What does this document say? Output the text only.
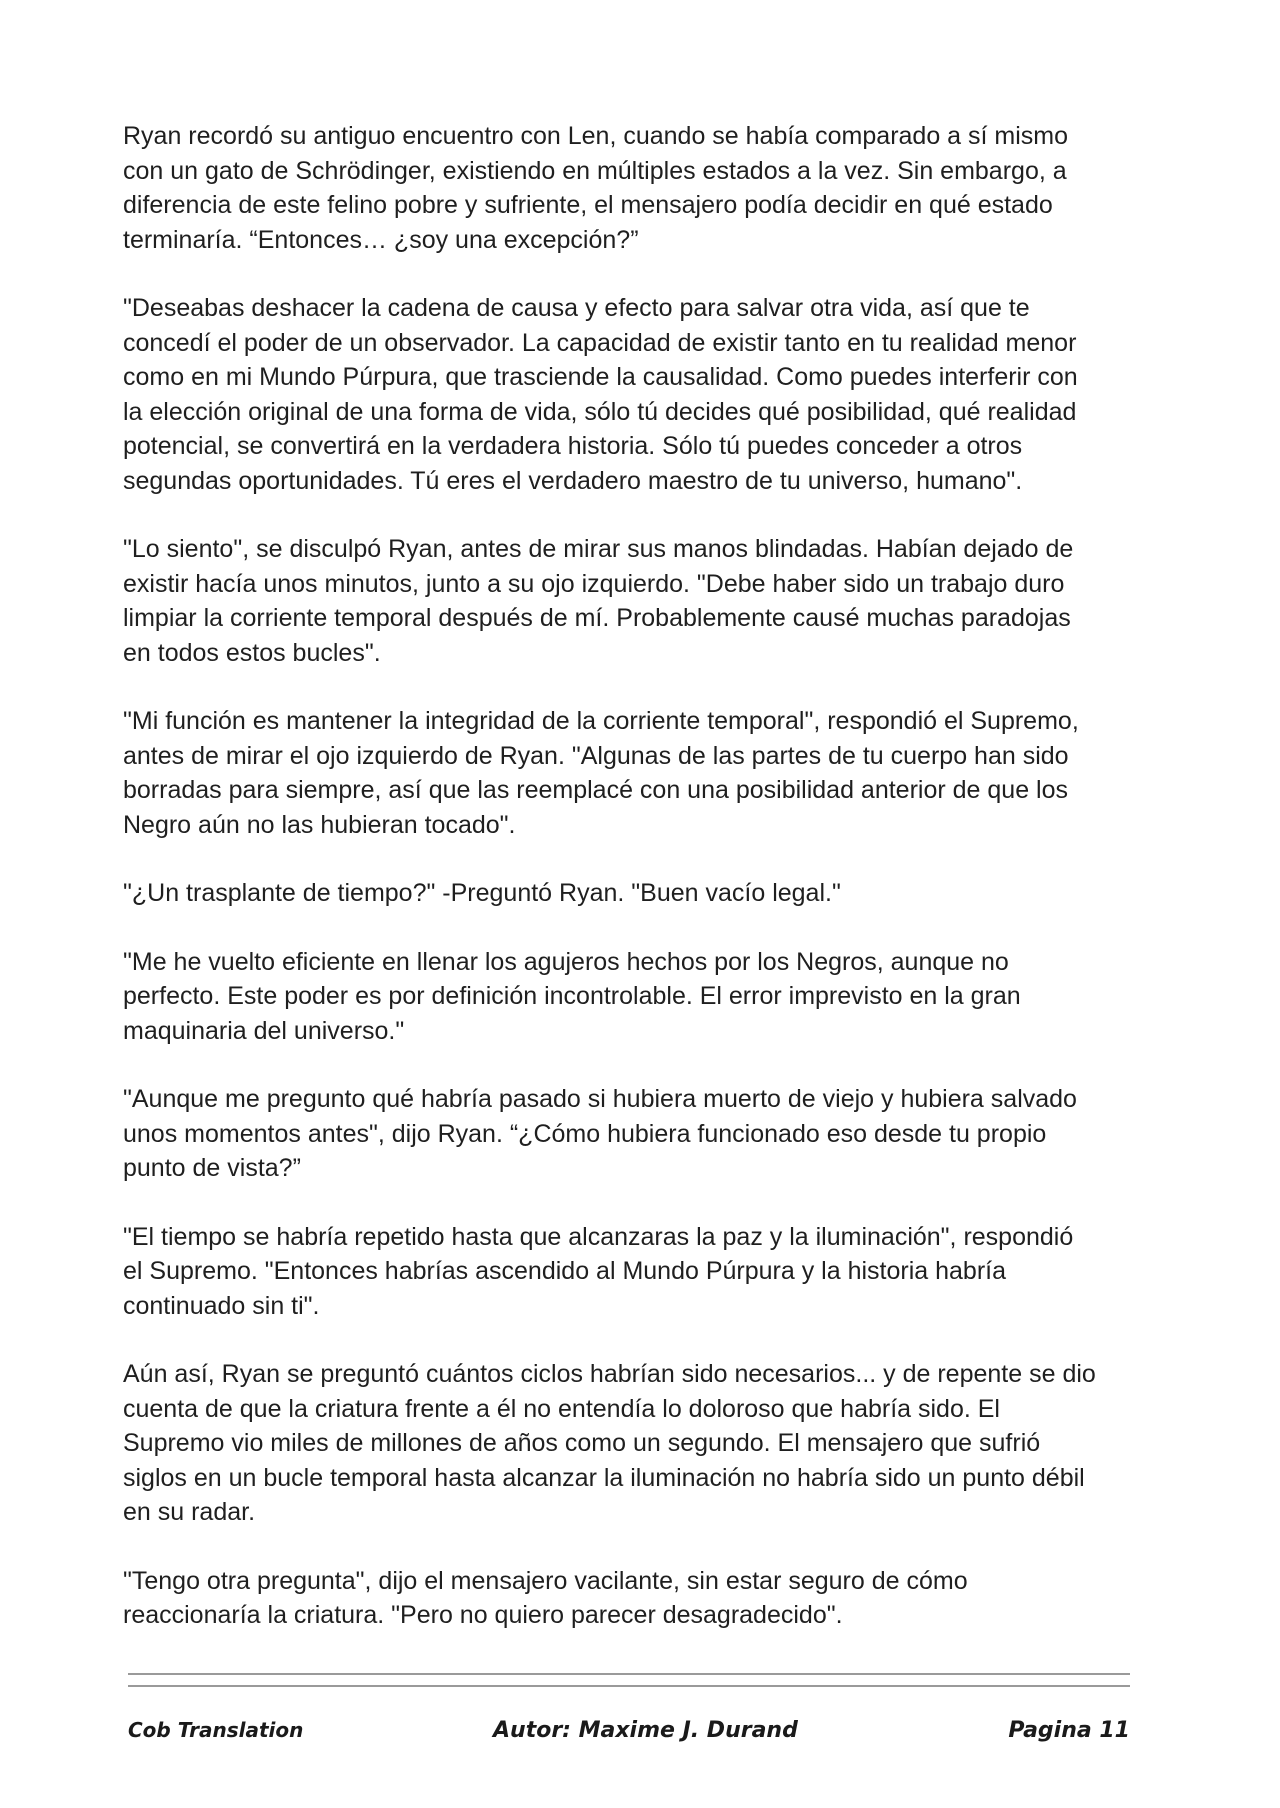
Ryan recordó su antiguo encuentro con Len, cuando se había comparado a sí mismo
con un gato de Schrödinger, existiendo en múltiples estados a la vez. Sin embargo, a
diferencia de este felino pobre y sufriente, el mensajero podía decidir en qué estado
terminaría. “Entonces… ¿soy una excepción?”

"Deseabas deshacer la cadena de causa y efecto para salvar otra vida, así que te
concedí el poder de un observador. La capacidad de existir tanto en tu realidad menor
como en mi Mundo Púrpura, que trasciende la causalidad. Como puedes interferir con
la elección original de una forma de vida, sólo tú decides qué posibilidad, qué realidad
potencial, se convertirá en la verdadera historia. Sólo tú puedes conceder a otros
segundas oportunidades. Tú eres el verdadero maestro de tu universo, humano".

"Lo siento", se disculpó Ryan, antes de mirar sus manos blindadas. Habían dejado de
existir hacía unos minutos, junto a su ojo izquierdo. "Debe haber sido un trabajo duro
limpiar la corriente temporal después de mí. Probablemente causé muchas paradojas
en todos estos bucles".

"Mi función es mantener la integridad de la corriente temporal", respondió el Supremo,
antes de mirar el ojo izquierdo de Ryan. "Algunas de las partes de tu cuerpo han sido
borradas para siempre, así que las reemplacé con una posibilidad anterior de que los
Negro aún no las hubieran tocado".

"¿Un trasplante de tiempo?" -Preguntó Ryan. "Buen vacío legal."

"Me he vuelto eficiente en llenar los agujeros hechos por los Negros, aunque no
perfecto. Este poder es por definición incontrolable. El error imprevisto en la gran
maquinaria del universo."

"Aunque me pregunto qué habría pasado si hubiera muerto de viejo y hubiera salvado
unos momentos antes", dijo Ryan. “¿Cómo hubiera funcionado eso desde tu propio
punto de vista?”

"El tiempo se habría repetido hasta que alcanzaras la paz y la iluminación", respondió
el Supremo. "Entonces habrías ascendido al Mundo Púrpura y la historia habría
continuado sin ti".

Aún así, Ryan se preguntó cuántos ciclos habrían sido necesarios... y de repente se dio
cuenta de que la criatura frente a él no entendía lo doloroso que habría sido. El
Supremo vio miles de millones de años como un segundo. El mensajero que sufrió
siglos en un bucle temporal hasta alcanzar la iluminación no habría sido un punto débil
en su radar.

"Tengo otra pregunta", dijo el mensajero vacilante, sin estar seguro de cómo
reaccionaría la criatura. "Pero no quiero parecer desagradecido".

Cob Translation	Autor: Maxime J. Durand	Pagina 11
